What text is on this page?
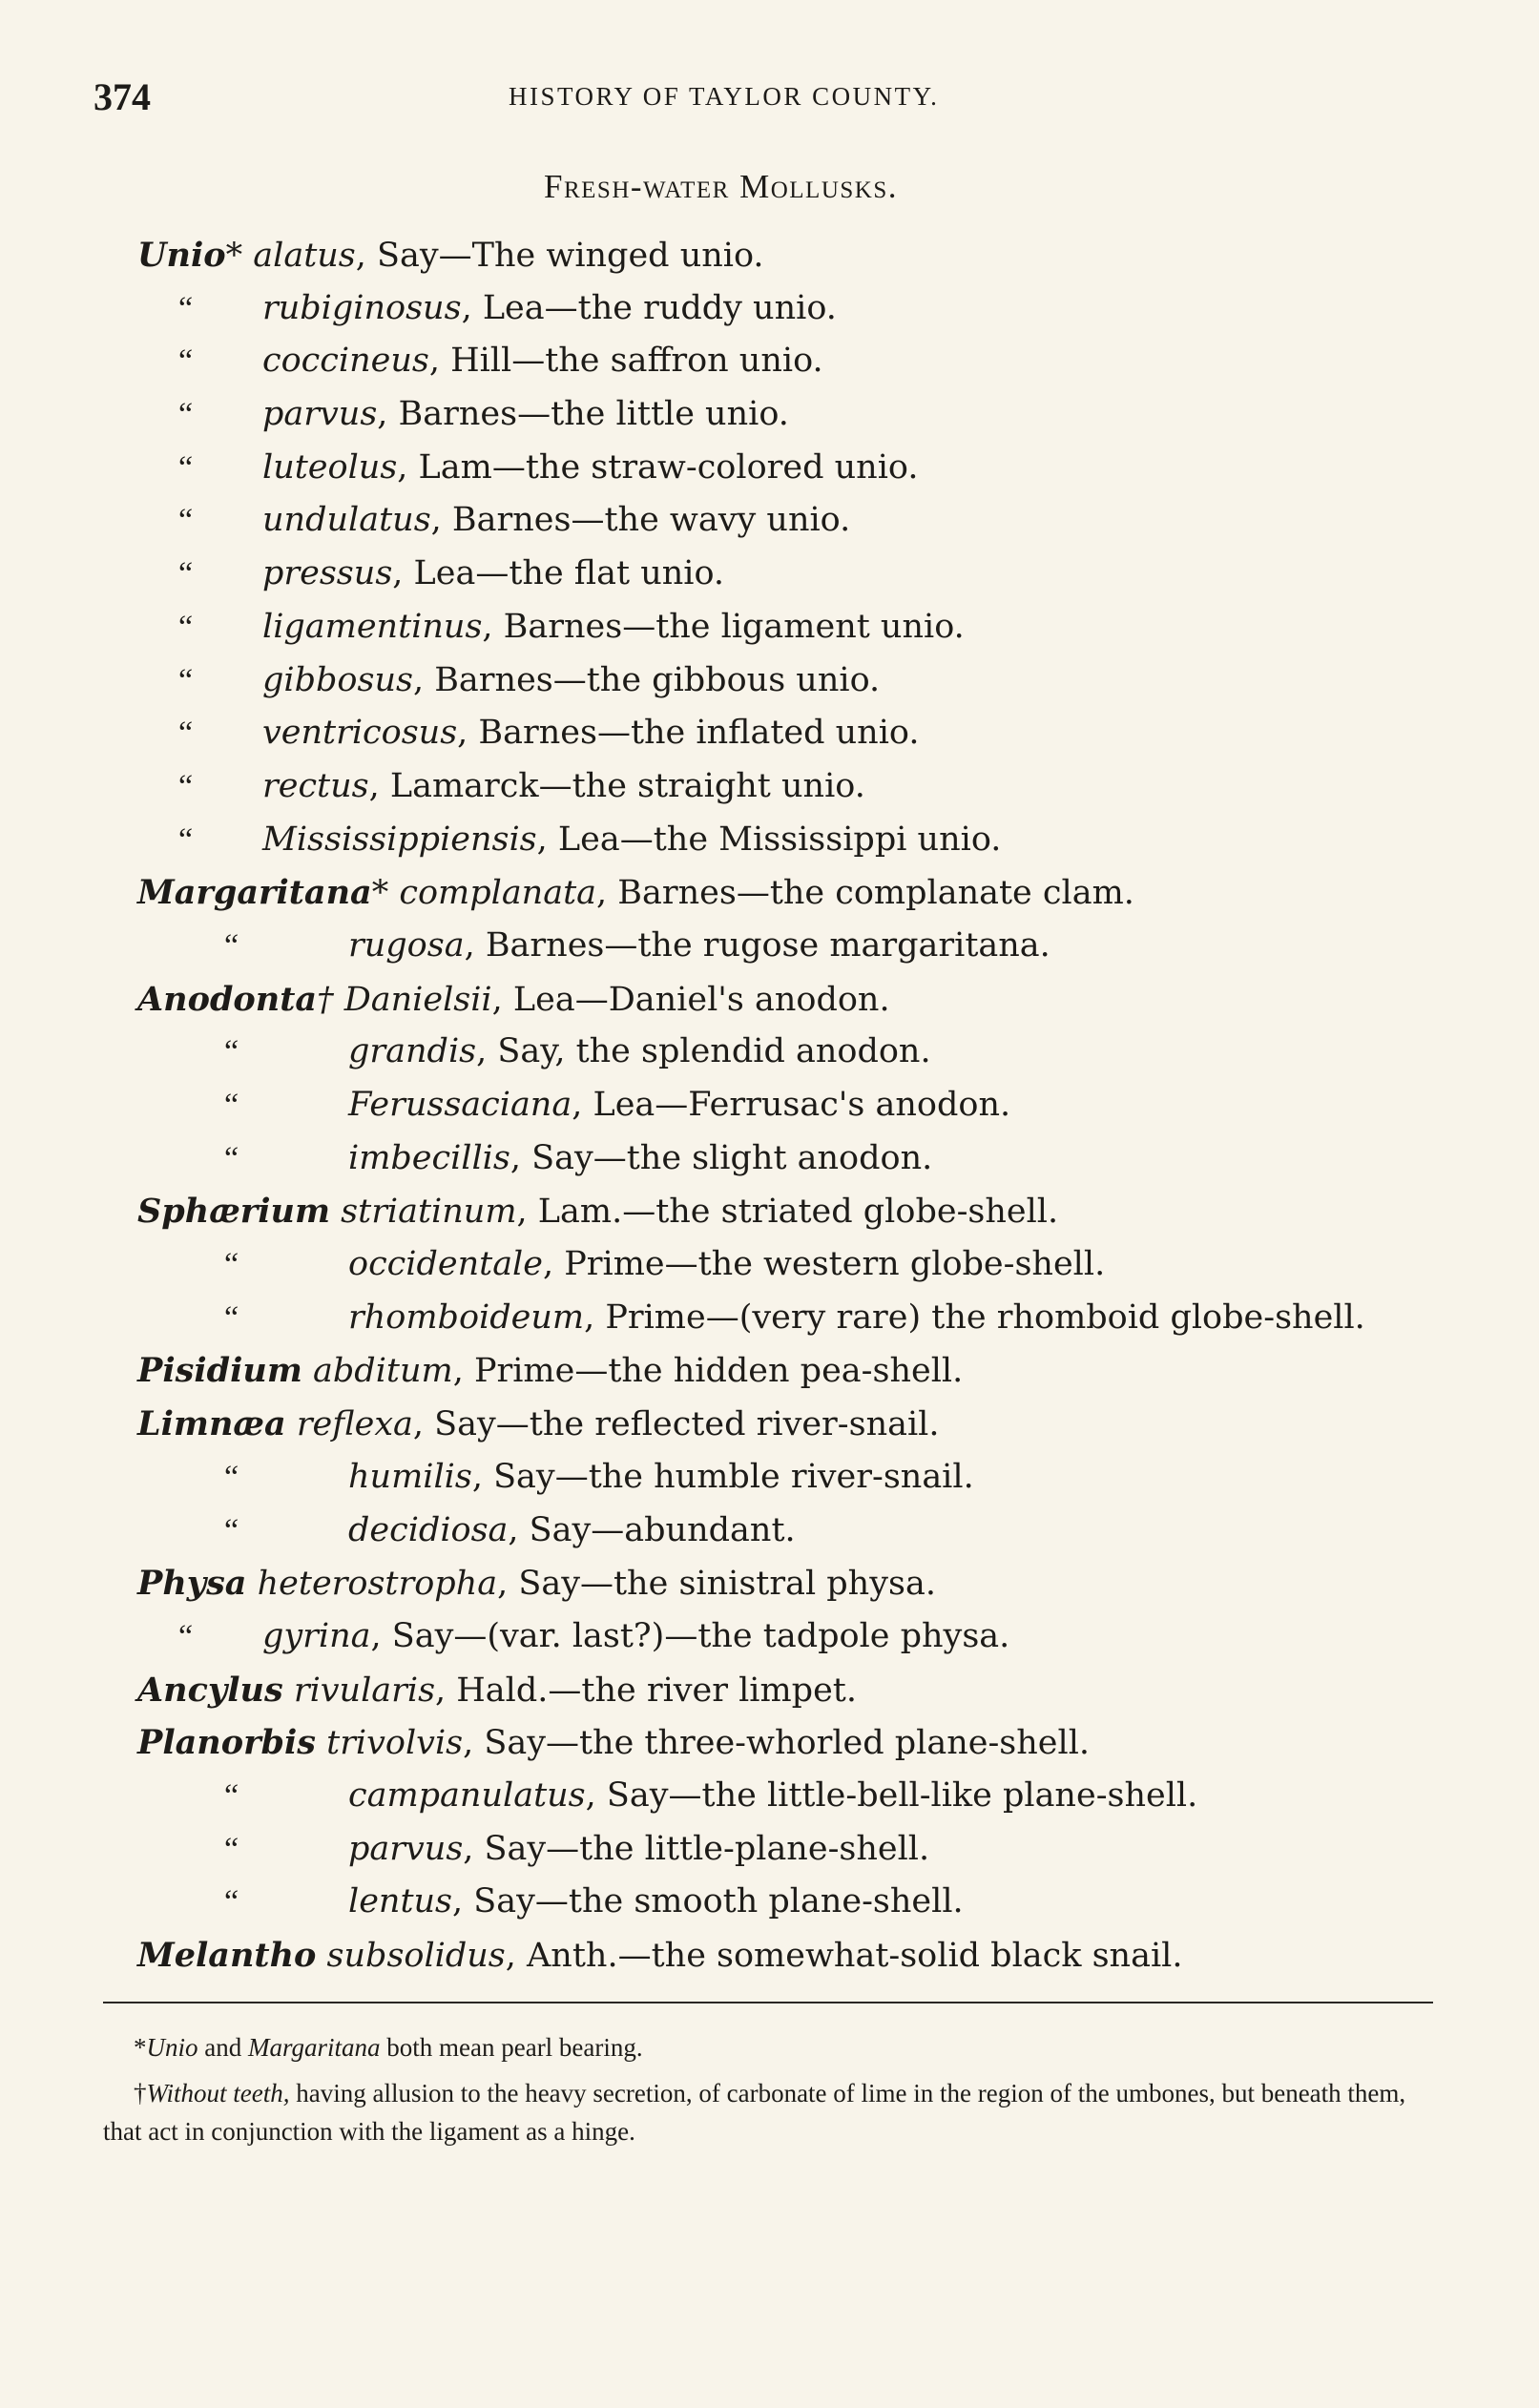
374	HISTORY OF TAYLOR COUNTY.
Fresh-water Mollusks.
Unio* alatus, Say—The winged unio.
“ rubiginosus, Lea—the ruddy unio.
“ coccineus, Hill—the saffron unio.
“ parvus, Barnes—the little unio.
“ luteolus, Lam—the straw-colored unio.
“ undulatus, Barnes—the wavy unio.
“ pressus, Lea—the flat unio.
“ ligamentinus, Barnes—the ligament unio.
“ gibbosus, Barnes—the gibbous unio.
“ ventricosus, Barnes—the inflated unio.
“ rectus, Lamarck—the straight unio.
“ Mississippiensis, Lea—the Mississippi unio.
Margaritana* complanata, Barnes—the complanate clam.
“	rugosa, Barnes—the rugose margaritana.
Anodonta† Danielsii, Lea—Daniel's anodon.
“	grandis, Say, the splendid anodon.
“	Ferussaciana, Lea—Ferrusac's anodon.
“	imbecillis, Say—the slight anodon.
Sphærium striatinum, Lam.—the striated globe-shell.
“	occidentale, Prime—the western globe-shell.
“	rhomboideum, Prime—(very rare) the rhomboid globe-shell.
Pisidium abditum, Prime—the hidden pea-shell.
Limnæa reflexa, Say—the reflected river-snail.
“	humilis, Say—the humble river-snail.
“	decidiosa, Say—abundant.
Physa heterostropha, Say—the sinistral physa.
“ gyrina, Say—(var. last?)—the tadpole physa.
Ancylus rivularis, Hald.—the river limpet.
Planorbis trivolvis, Say—the three-whorled plane-shell.
“	campanulatus, Say—the little-bell-like plane-shell.
“	parvus, Say—the little-plane-shell.
“	lentus, Say—the smooth plane-shell.
Melantho subsolidus, Anth.—the somewhat-solid black snail.
*Unio and Margaritana both mean pearl bearing.
†Without teeth, having allusion to the heavy secretion, of carbonate of lime in the region of the umbones, but beneath them, that act in conjunction with the ligament as a hinge.
